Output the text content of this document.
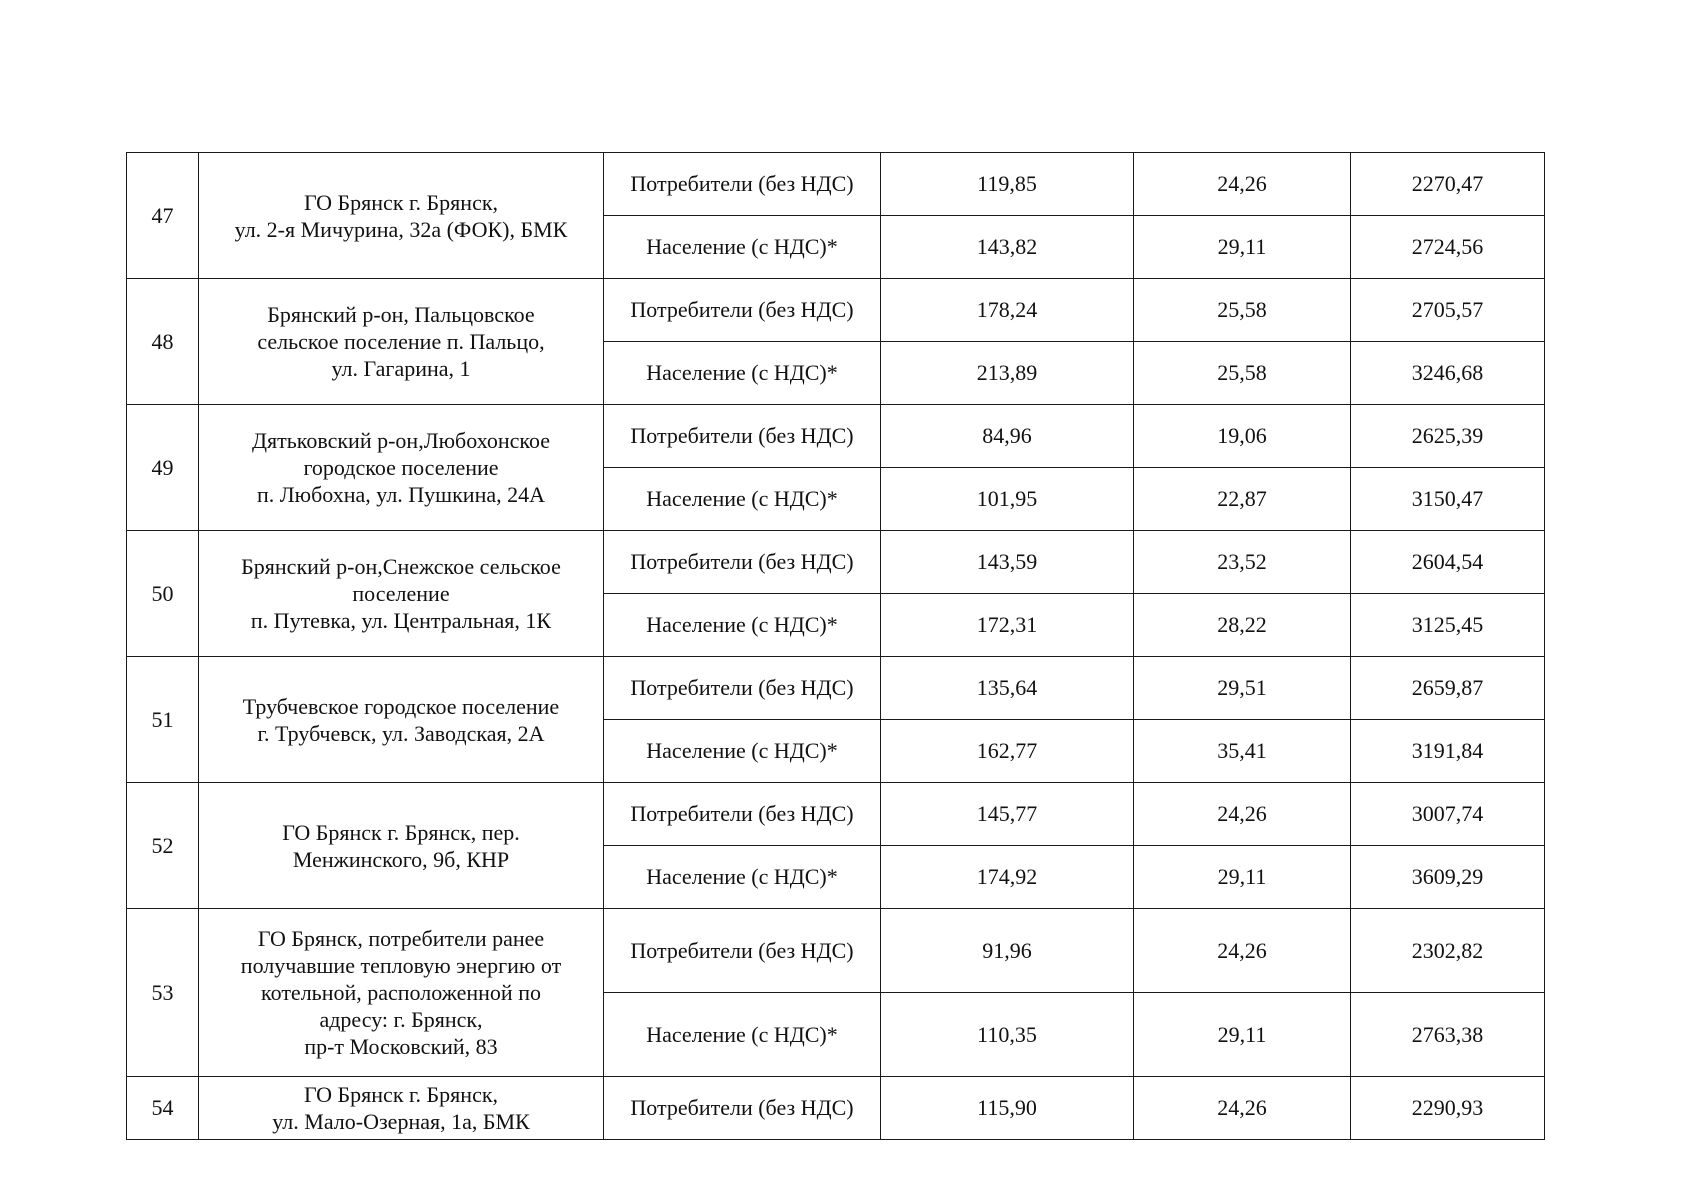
47	ГО Брянск г. Брянск,
ул. 2-я Мичурина, 32а (ФОК), БМК	Потребители (без НДС)	119,85	24,26	2270,47
		Население (с НДС)*	143,82	29,11	2724,56
48	Брянский р-он, Пальцовское
сельское поселение п. Пальцо,
ул. Гагарина, 1	Потребители (без НДС)	178,24	25,58	2705,57
		Население (с НДС)*	213,89	25,58	3246,68
49	Дятьковский р-он,Любохонское
городское поселение
п. Любохна, ул. Пушкина, 24А	Потребители (без НДС)	84,96	19,06	2625,39
		Население (с НДС)*	101,95	22,87	3150,47
50	Брянский р-он,Снежское сельское
поселение
п. Путевка, ул. Центральная, 1К	Потребители (без НДС)	143,59	23,52	2604,54
		Население (с НДС)*	172,31	28,22	3125,45
51	Трубчевское городское поселение
г. Трубчевск, ул. Заводская, 2А	Потребители (без НДС)	135,64	29,51	2659,87
		Население (с НДС)*	162,77	35,41	3191,84
52	ГО Брянск г. Брянск, пер.
Менжинского, 9б, КНР	Потребители (без НДС)	145,77	24,26	3007,74
		Население (с НДС)*	174,92	29,11	3609,29
53	ГО Брянск, потребители ранее
получавшие тепловую энергию от
котельной, расположенной по
адресу: г. Брянск,
пр-т Московский, 83	Потребители (без НДС)	91,96	24,26	2302,82
		Население (с НДС)*	110,35	29,11	2763,38
54	ГО Брянск г. Брянск,
ул. Мало-Озерная, 1а, БМК	Потребители (без НДС)	115,90	24,26	2290,93
